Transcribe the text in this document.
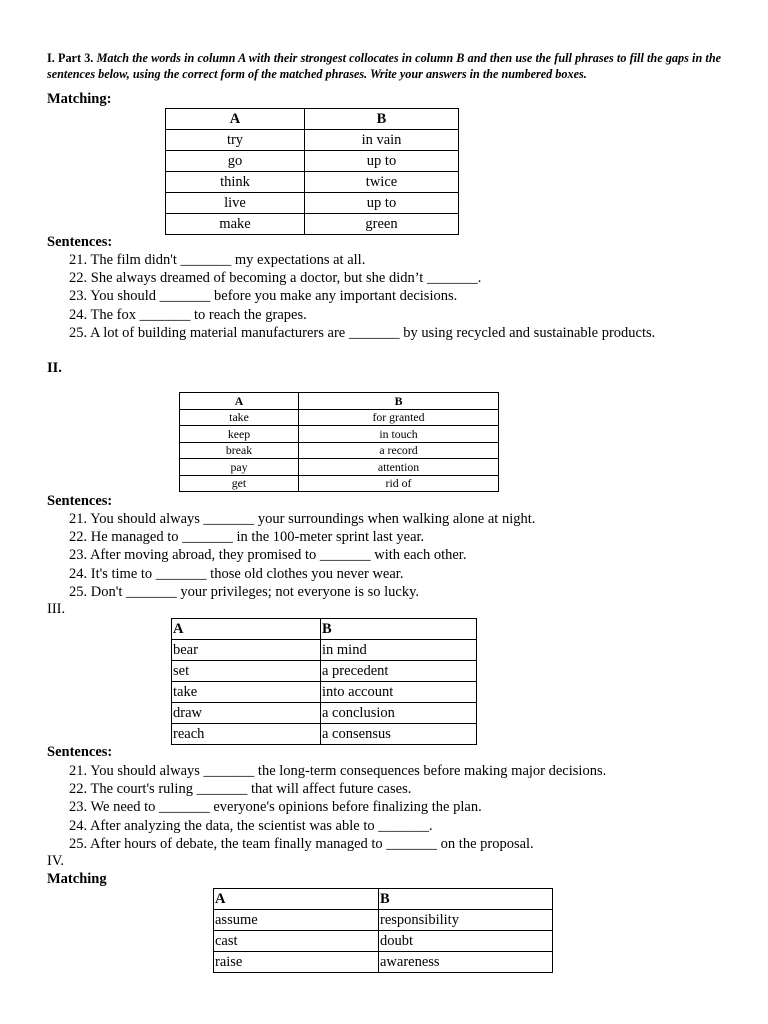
I. Part 3. Match the words in column A with their strongest collocates in column B and then use the full phrases to fill the gaps in the sentences below, using the correct form of the matched phrases. Write your answers in the numbered boxes.
Matching:
A	B
try	in vain
go	up to
think	twice
live	up to
make	green
Sentences:
21. The film didn't _______ my expectations at all.
22. She always dreamed of becoming a doctor, but she didn’t _______.
23. You should _______ before you make any important decisions.
24. The fox _______ to reach the grapes.
25. A lot of building material manufacturers are _______ by using recycled and sustainable products.
II.
A	B
take	for granted
keep	in touch
break	a record
pay	attention
get	rid of
Sentences:
21. You should always _______ your surroundings when walking alone at night.
22. He managed to _______ in the 100-meter sprint last year.
23. After moving abroad, they promised to _______ with each other.
24. It's time to _______ those old clothes you never wear.
25. Don't _______ your privileges; not everyone is so lucky.
III.
A	B
bear	in mind
set	a precedent
take	into account
draw	a conclusion
reach	a consensus
Sentences:
21. You should always _______ the long-term consequences before making major decisions.
22. The court's ruling _______ that will affect future cases.
23. We need to _______ everyone's opinions before finalizing the plan.
24. After analyzing the data, the scientist was able to _______.
25. After hours of debate, the team finally managed to _______ on the proposal.
IV.
Matching
A	B
assume	responsibility
cast	doubt
raise	awareness
